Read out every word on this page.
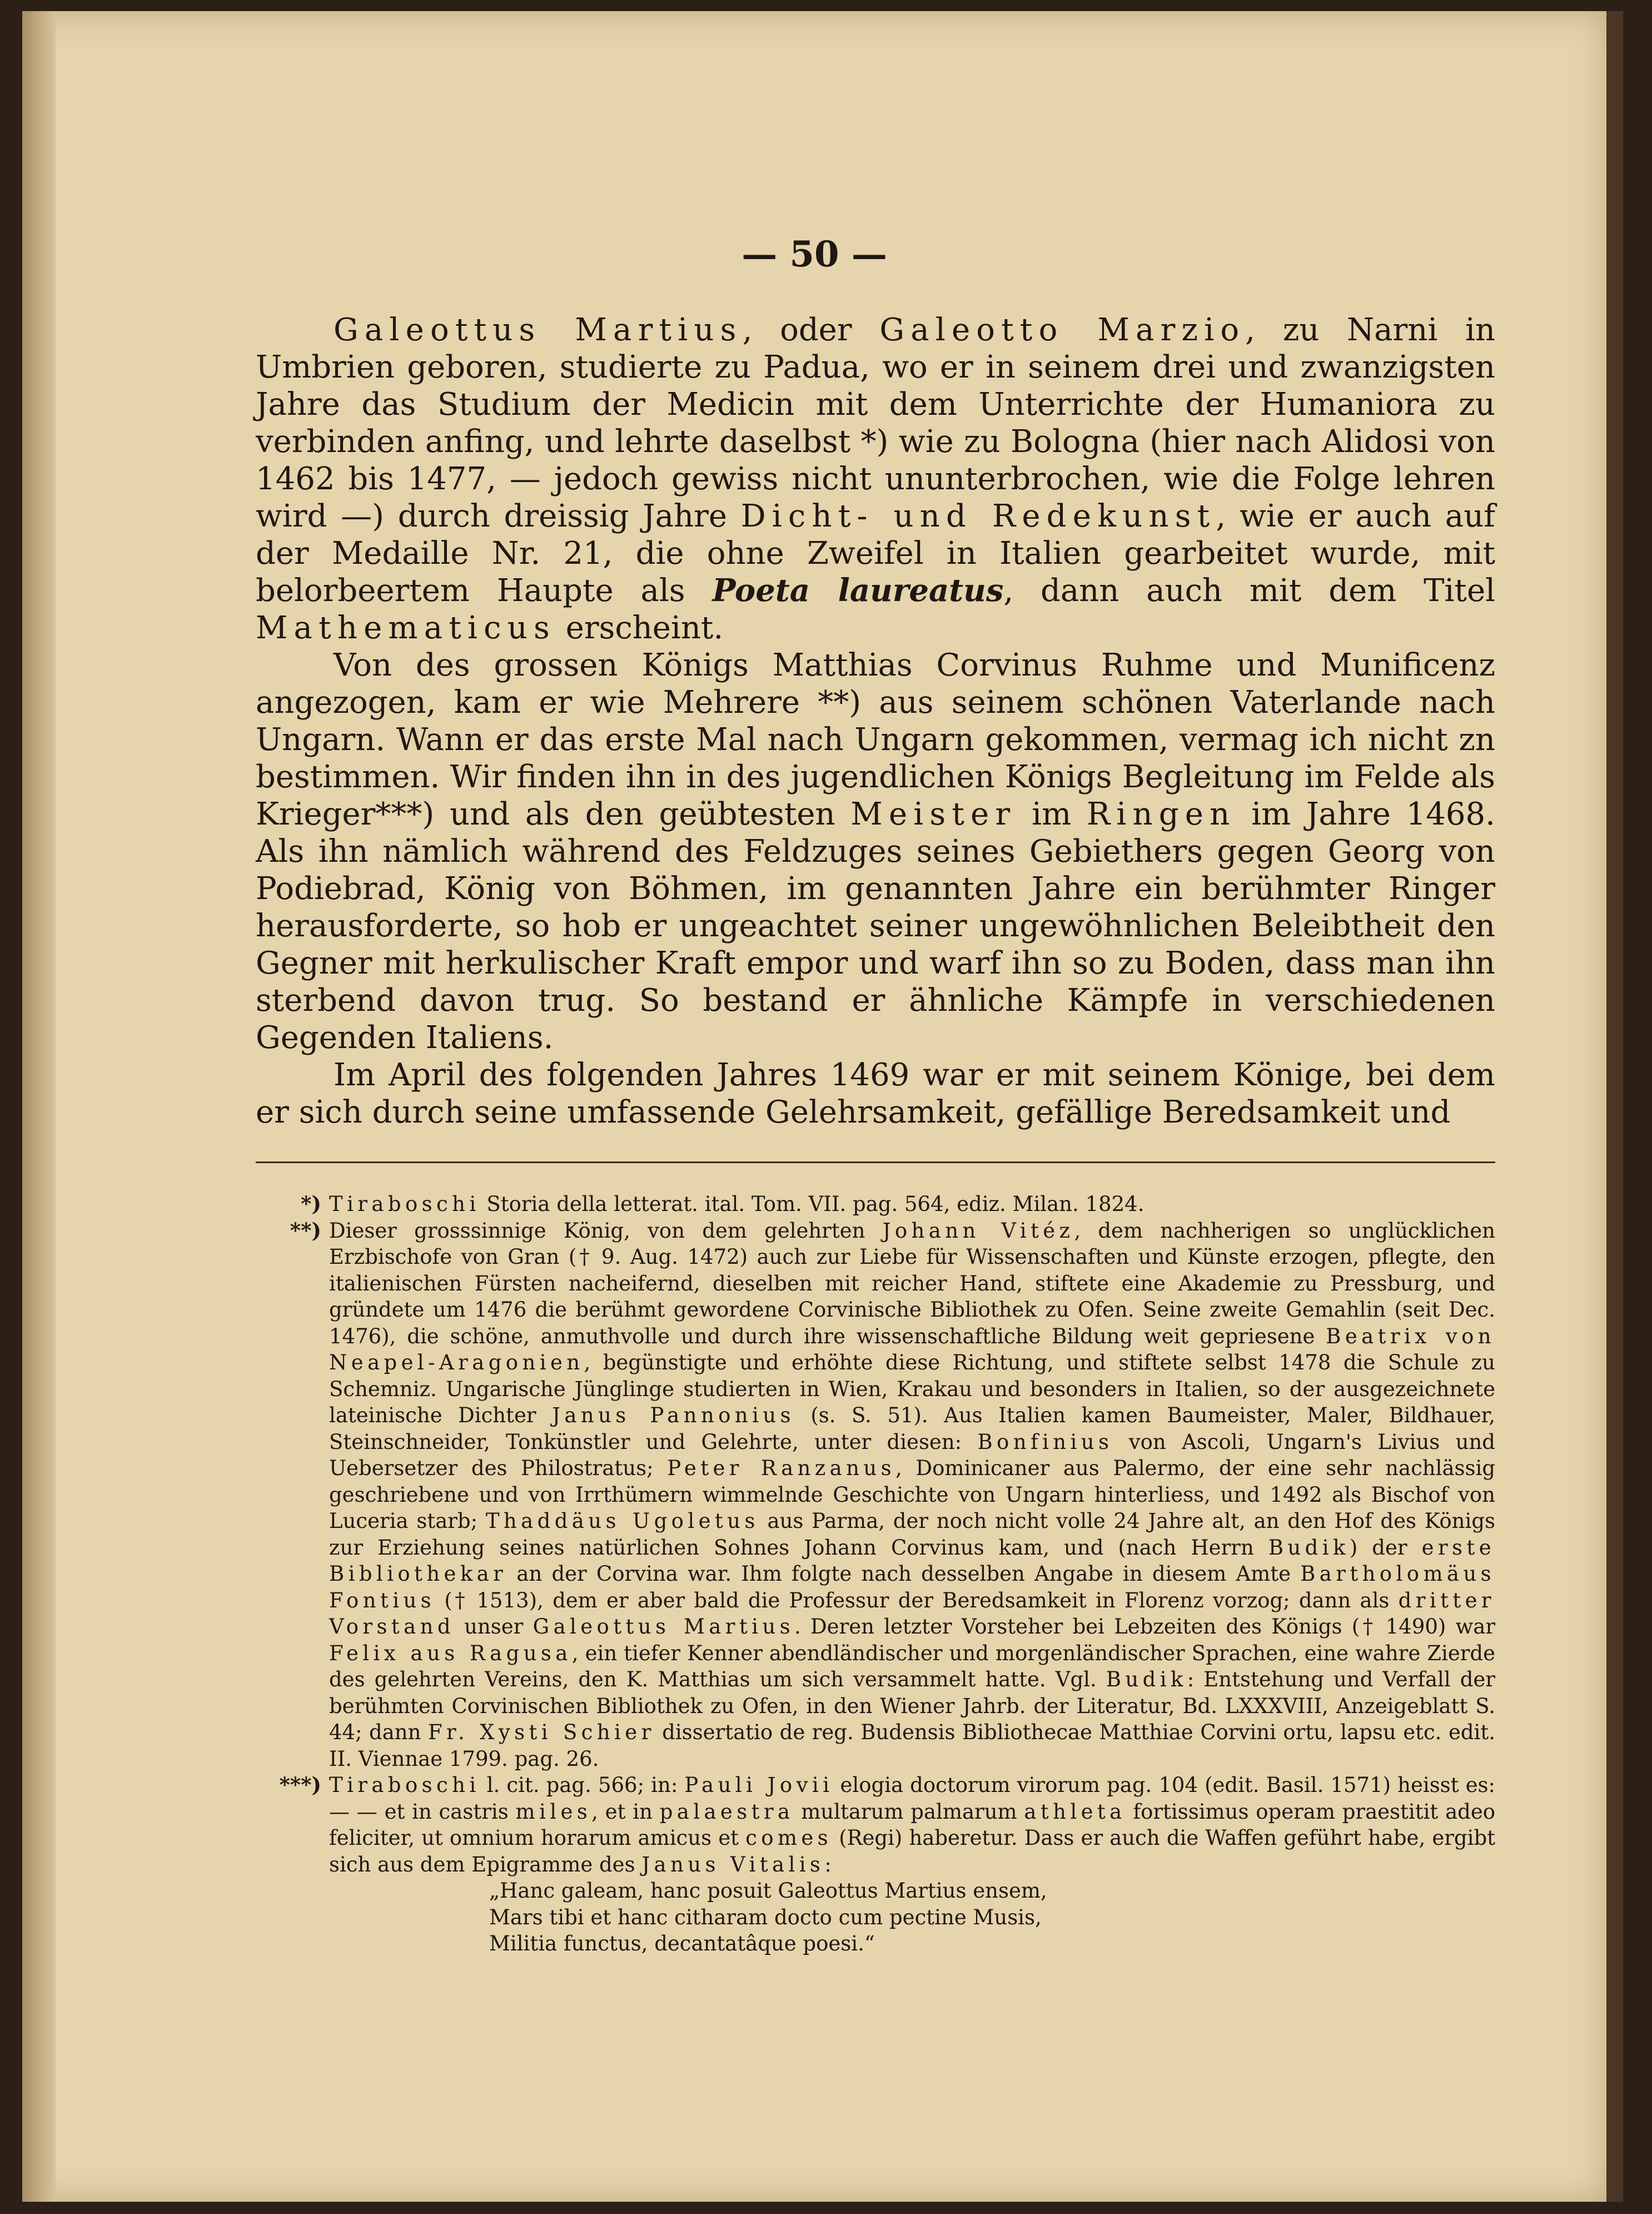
— 50 —

Galeottus Martius, oder Galeotto Marzio, zu Narni in Umbrien geboren, studierte zu Padua, wo er in seinem drei und zwanzigsten Jahre das Studium der Medicin mit dem Unterrichte der Humaniora zu verbinden anfing, und lehrte daselbst *) wie zu Bologna (hier nach Alidosi von 1462 bis 1477, — jedoch gewiss nicht ununterbrochen, wie die Folge lehren wird —) durch dreissig Jahre Dicht- und Redekunst, wie er auch auf der Medaille Nr. 21, die ohne Zweifel in Italien gearbeitet wurde, mit belorbeertem Haupte als Poeta laureatus, dann auch mit dem Titel Mathematicus erscheint.

Von des grossen Königs Matthias Corvinus Ruhme und Munificenz angezogen, kam er wie Mehrere **) aus seinem schönen Vaterlande nach Ungarn. Wann er das erste Mal nach Ungarn gekommen, vermag ich nicht zn bestimmen. Wir finden ihn in des jugendlichen Königs Begleitung im Felde als Krieger***) und als den geübtesten Meister im Ringen im Jahre 1468. Als ihn nämlich während des Feldzuges seines Gebiethers gegen Georg von Podiebrad, König von Böhmen, im genannten Jahre ein berühmter Ringer herausforderte, so hob er ungeachtet seiner ungewöhnlichen Beleibtheit den Gegner mit herkulischer Kraft empor und warf ihn so zu Boden, dass man ihn sterbend davon trug. So bestand er ähnliche Kämpfe in verschiedenen Gegenden Italiens.

Im April des folgenden Jahres 1469 war er mit seinem Könige, bei dem er sich durch seine umfassende Gelehrsamkeit, gefällige Beredsamkeit und

*) Tiraboschi Storia della letterat. ital. Tom. VII. pag. 564, ediz. Milan. 1824.
**) Dieser grosssinnige König, von dem gelehrten Johann Vitéz, dem nachherigen so unglücklichen Erzbischofe von Gran († 9. Aug. 1472) auch zur Liebe für Wissenschaften und Künste erzogen, pflegte, den italienischen Fürsten nacheifernd, dieselben mit reicher Hand, stiftete eine Akademie zu Pressburg, und gründete um 1476 die berühmt gewordene Corvinische Bibliothek zu Ofen. Seine zweite Gemahlin (seit Dec. 1476), die schöne, anmuthvolle und durch ihre wissenschaftliche Bildung weit gepriesene Beatrix von Neapel-Aragonien, begünstigte und erhöhte diese Richtung, und stiftete selbst 1478 die Schule zu Schemniz. Ungarische Jünglinge studierten in Wien, Krakau und besonders in Italien, so der ausgezeichnete lateinische Dichter Janus Pannonius (s. S. 51). Aus Italien kamen Baumeister, Maler, Bildhauer, Steinschneider, Tonkünstler und Gelehrte, unter diesen: Bonfinius von Ascoli, Ungarn's Livius und Uebersetzer des Philostratus; Peter Ranzanus, Dominicaner aus Palermo, der eine sehr nachlässig geschriebene und von Irrthümern wimmelnde Geschichte von Ungarn hinterliess, und 1492 als Bischof von Luceria starb; Thaddäus Ugoletus aus Parma, der noch nicht volle 24 Jahre alt, an den Hof des Königs zur Erziehung seines natürlichen Sohnes Johann Corvinus kam, und (nach Herrn Budik) der erste Bibliothekar an der Corvina war. Ihm folgte nach desselben Angabe in diesem Amte Bartholomäus Fontius († 1513), dem er aber bald die Professur der Beredsamkeit in Florenz vorzog; dann als dritter Vorstand unser Galeottus Martius. Deren letzter Vorsteher bei Lebzeiten des Königs († 1490) war Felix aus Ragusa, ein tiefer Kenner abendländischer und morgenländischer Sprachen, eine wahre Zierde des gelehrten Vereins, den K. Matthias um sich versammelt hatte. Vgl. Budik: Entstehung und Verfall der berühmten Corvinischen Bibliothek zu Ofen, in den Wiener Jahrb. der Literatur, Bd. LXXXVIII, Anzeigeblatt S. 44; dann Fr. Xysti Schier dissertatio de reg. Budensis Bibliothecae Matthiae Corvini ortu, lapsu etc. edit. II. Viennae 1799. pag. 26.
***) Tiraboschi l. cit. pag. 566; in: Pauli Jovii elogia doctorum virorum pag. 104 (edit. Basil. 1571) heisst es: — — et in castris miles, et in palaestra multarum palmarum athleta fortissimus operam praestitit adeo feliciter, ut omnium horarum amicus et comes (Regi) haberetur. Dass er auch die Waffen geführt habe, ergibt sich aus dem Epigramme des Janus Vitalis:
„Hanc galeam, hanc posuit Galeottus Martius ensem,
Mars tibi et hanc citharam docto cum pectine Musis,
Militia functus, decantatâque poesi.“
